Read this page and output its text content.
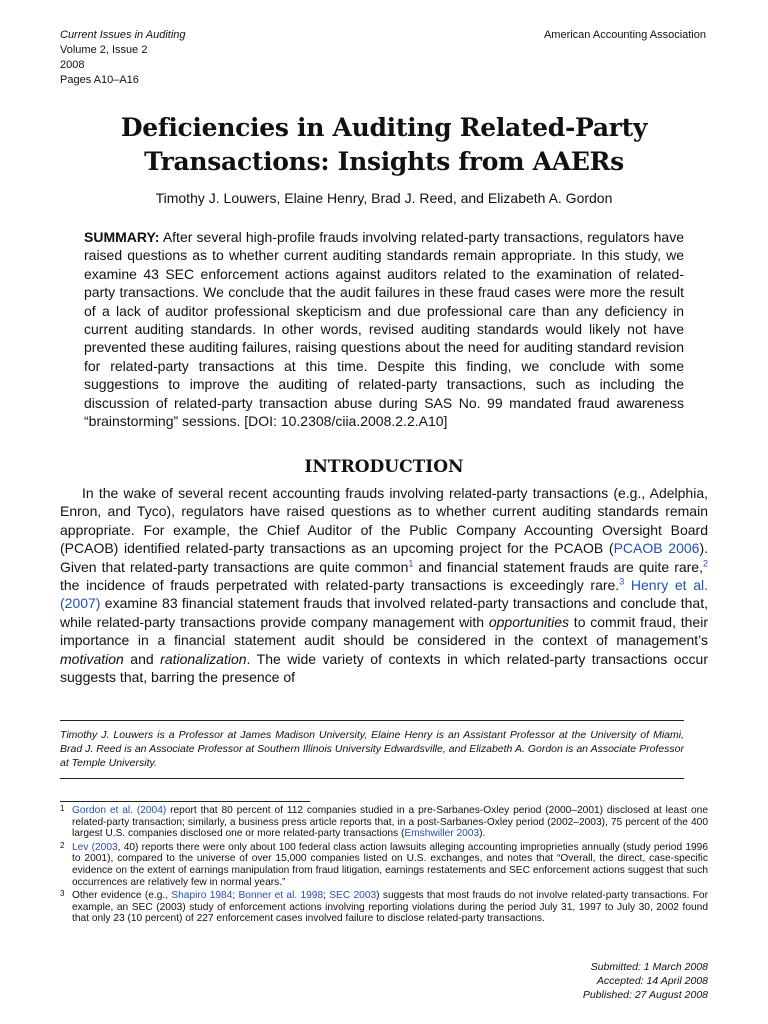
Current Issues in Auditing
Volume 2, Issue 2
2008
Pages A10–A16
American Accounting Association
Deficiencies in Auditing Related-Party
Transactions: Insights from AAERs
Timothy J. Louwers, Elaine Henry, Brad J. Reed, and Elizabeth A. Gordon
SUMMARY: After several high-profile frauds involving related-party transactions, regulators have raised questions as to whether current auditing standards remain appropriate. In this study, we examine 43 SEC enforcement actions against auditors related to the examination of related-party transactions. We conclude that the audit failures in these fraud cases were more the result of a lack of auditor professional skepticism and due professional care than any deficiency in current auditing standards. In other words, revised auditing standards would likely not have prevented these auditing failures, raising questions about the need for auditing standard revision for related-party transactions at this time. Despite this finding, we conclude with some suggestions to improve the auditing of related-party transactions, such as including the discussion of related-party transaction abuse during SAS No. 99 mandated fraud awareness “brainstorming” sessions. [DOI: 10.2308/ciia.2008.2.2.A10]
INTRODUCTION
In the wake of several recent accounting frauds involving related-party transactions (e.g., Adelphia, Enron, and Tyco), regulators have raised questions as to whether current auditing standards remain appropriate. For example, the Chief Auditor of the Public Company Accounting Oversight Board (PCAOB) identified related-party transactions as an upcoming project for the PCAOB (PCAOB 2006). Given that related-party transactions are quite common$^1$ and financial statement frauds are quite rare,$^2$ the incidence of frauds perpetrated with related-party transactions is exceedingly rare.$^3$ Henry et al. (2007) examine 83 financial statement frauds that involved related-party transactions and conclude that, while related-party transactions provide company management with opportunities to commit fraud, their importance in a financial statement audit should be considered in the context of management’s motivation and rationalization. The wide variety of contexts in which related-party transactions occur suggests that, barring the presence of
Timothy J. Louwers is a Professor at James Madison University, Elaine Henry is an Assistant Professor at the University of Miami, Brad J. Reed is an Associate Professor at Southern Illinois University Edwardsville, and Elizabeth A. Gordon is an Associate Professor at Temple University.
1 Gordon et al. (2004) report that 80 percent of 112 companies studied in a pre-Sarbanes-Oxley period (2000–2001) disclosed at least one related-party transaction; similarly, a business press article reports that, in a post-Sarbanes-Oxley period (2002–2003), 75 percent of the 400 largest U.S. companies disclosed one or more related-party transactions (Emshwiller 2003).
2 Lev (2003, 40) reports there were only about 100 federal class action lawsuits alleging accounting improprieties annually (study period 1996 to 2001), compared to the universe of over 15,000 companies listed on U.S. exchanges, and notes that “Overall, the direct, case-specific evidence on the extent of earnings manipulation from fraud litigation, earnings restatements and SEC enforcement actions suggest that such occurrences are relatively few in normal years.”
3 Other evidence (e.g., Shapiro 1984; Bonner et al. 1998; SEC 2003) suggests that most frauds do not involve related-party transactions. For example, an SEC (2003) study of enforcement actions involving reporting violations during the period July 31, 1997 to July 30, 2002 found that only 23 (10 percent) of 227 enforcement cases involved failure to disclose related-party transactions.
Submitted: 1 March 2008
Accepted: 14 April 2008
Published: 27 August 2008
